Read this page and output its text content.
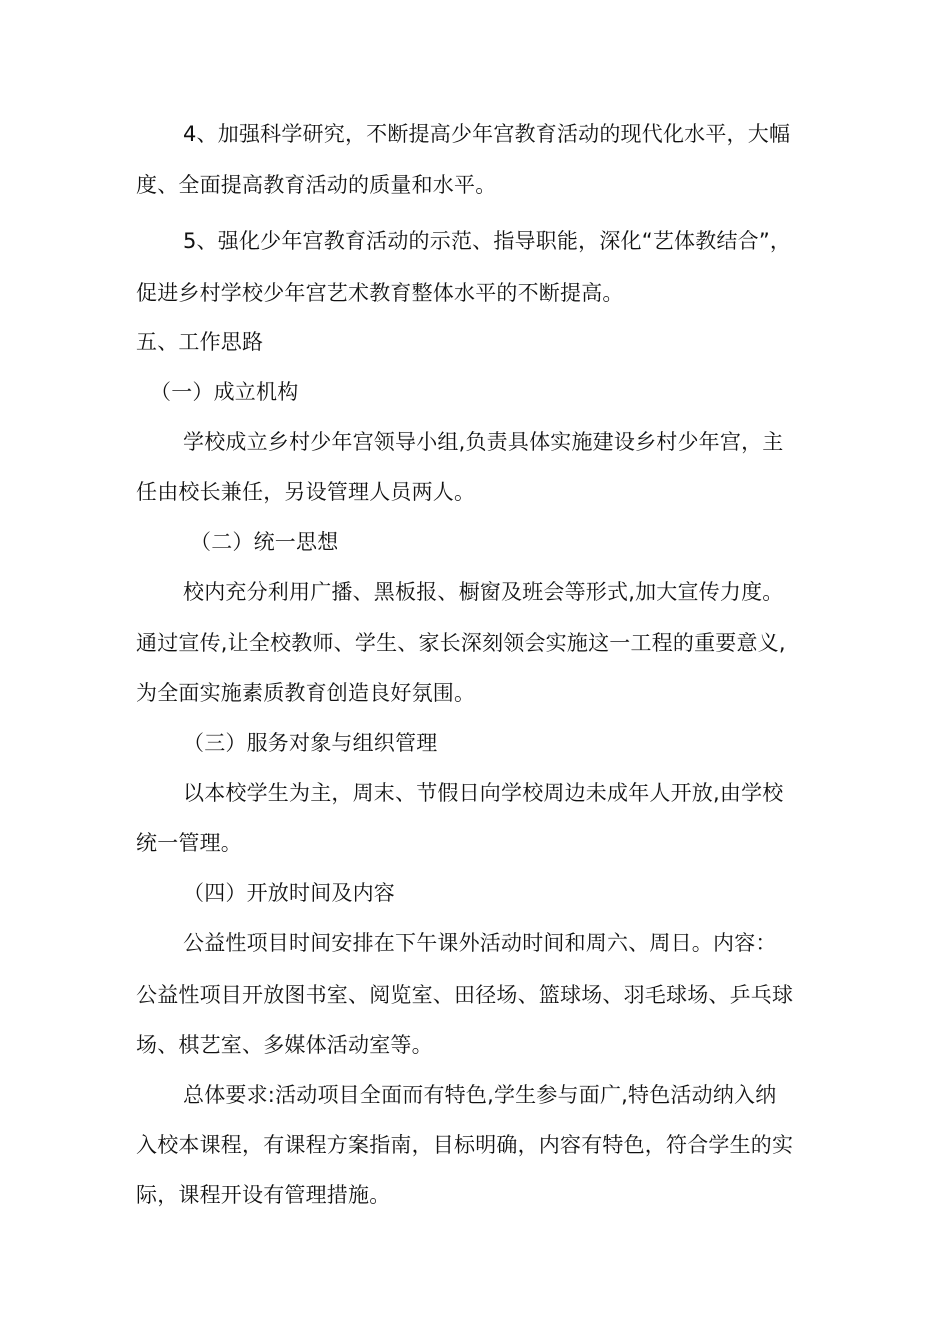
4、加强科学研究，不断提高少年宫教育活动的现代化水平，大幅
度、全面提高教育活动的质量和水平。
5、强化少年宫教育活动的示范、指导职能，深化“艺体教结合”，
促进乡村学校少年宫艺术教育整体水平的不断提高。
五、工作思路
（一）成立机构
学校成立乡村少年宫领导小组,负责具体实施建设乡村少年宫，主
任由校长兼任，另设管理人员两人。
（二）统一思想
校内充分利用广播、黑板报、橱窗及班会等形式,加大宣传力度。
通过宣传,让全校教师、学生、家长深刻领会实施这一工程的重要意义,
为全面实施素质教育创造良好氛围。
（三）服务对象与组织管理
以本校学生为主，周末、节假日向学校周边未成年人开放,由学校
统一管理。
（四）开放时间及内容
公益性项目时间安排在下午课外活动时间和周六、周日。内容：
公益性项目开放图书室、阅览室、田径场、篮球场、羽毛球场、乒乓球
场、棋艺室、多媒体活动室等。
总体要求:活动项目全面而有特色,学生参与面广,特色活动纳入纳
入校本课程，有课程方案指南，目标明确，内容有特色，符合学生的实
际，课程开设有管理措施。
